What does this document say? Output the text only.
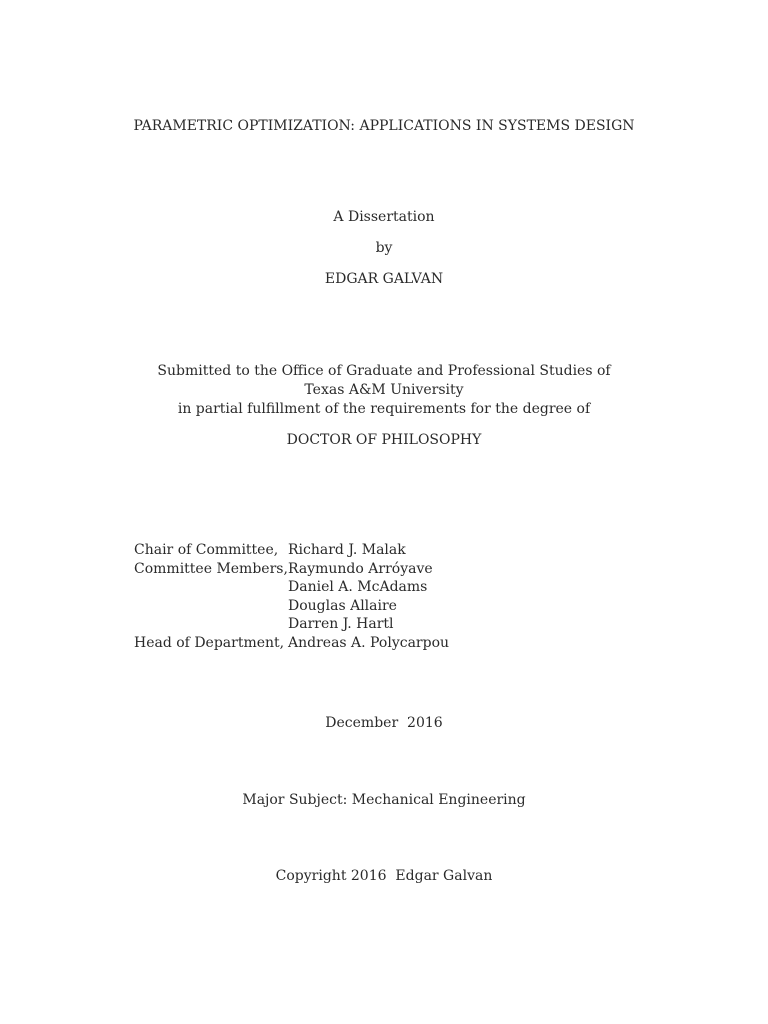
PARAMETRIC OPTIMIZATION: APPLICATIONS IN SYSTEMS DESIGN
A Dissertation
by
EDGAR GALVAN
Submitted to the Office of Graduate and Professional Studies of
Texas A&M University
in partial fulfillment of the requirements for the degree of
DOCTOR OF PHILOSOPHY
Chair of Committee, Richard J. Malak
Committee Members, Raymundo Arróyave
Daniel A. McAdams
Douglas Allaire
Darren J. Hartl
Head of Department, Andreas A. Polycarpou
December  2016
Major Subject: Mechanical Engineering
Copyright 2016  Edgar Galvan
